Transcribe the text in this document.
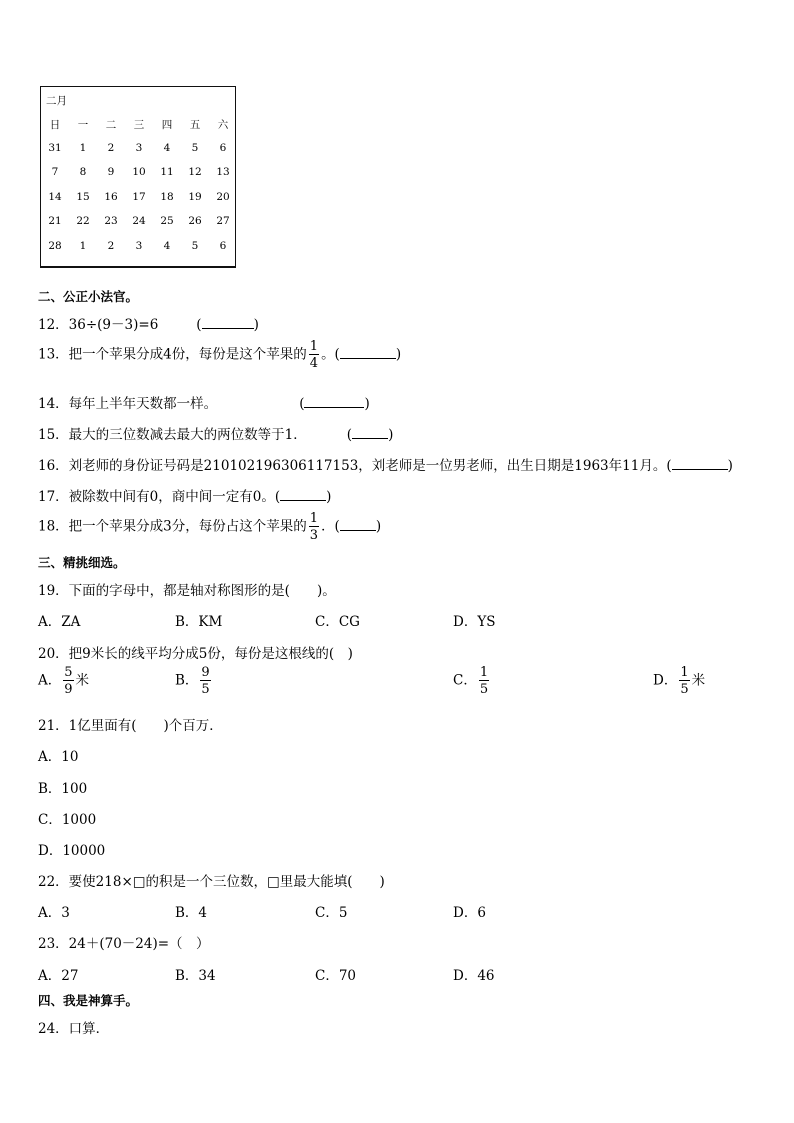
二月
日	一	二	三	四	五	六
31	1	2	3	4	5	6
7	8	9	10	11	12	13
14	15	16	17	18	19	20
21	22	23	24	25	26	27
28	1	2	3	4	5	6
二、公正小法官。
12．36÷(9－3)=6	(	)
13．把一个苹果分成4份，每份是这个苹果的 $\frac{1}{4}$ 。(	)
14．每年上半年天数都一样。	(	)
15．最大的三位数减去最大的两位数等于1．	(	)
16．刘老师的身份证号码是210102196306117153，刘老师是一位男老师，出生日期是1963年11月。(	)
17．被除数中间有0，商中间一定有0。(	)
18．把一个苹果分成3分，每份占这个苹果的 $\frac{1}{3}$ ．(	)
三、精挑细选。
19．下面的字母中，都是轴对称图形的是(　　)。
A．ZA	B．KM	C．CG	D．YS
20．把9米长的线平均分成5份，每份是这根线的(　)
A． $\frac{5}{9}$ 米	B． $\frac{9}{5}$	C． $\frac{1}{5}$	D． $\frac{1}{5}$ 米
21．1亿里面有(　　)个百万．
A．10
B．100
C．1000
D．10000
22．要使218×□的积是一个三位数，□里最大能填(　　)
A．3	B．4	C．5	D．6
23．24＋(70－24)=（　）
A．27	B．34	C．70	D．46
四、我是神算手。
24．口算．
